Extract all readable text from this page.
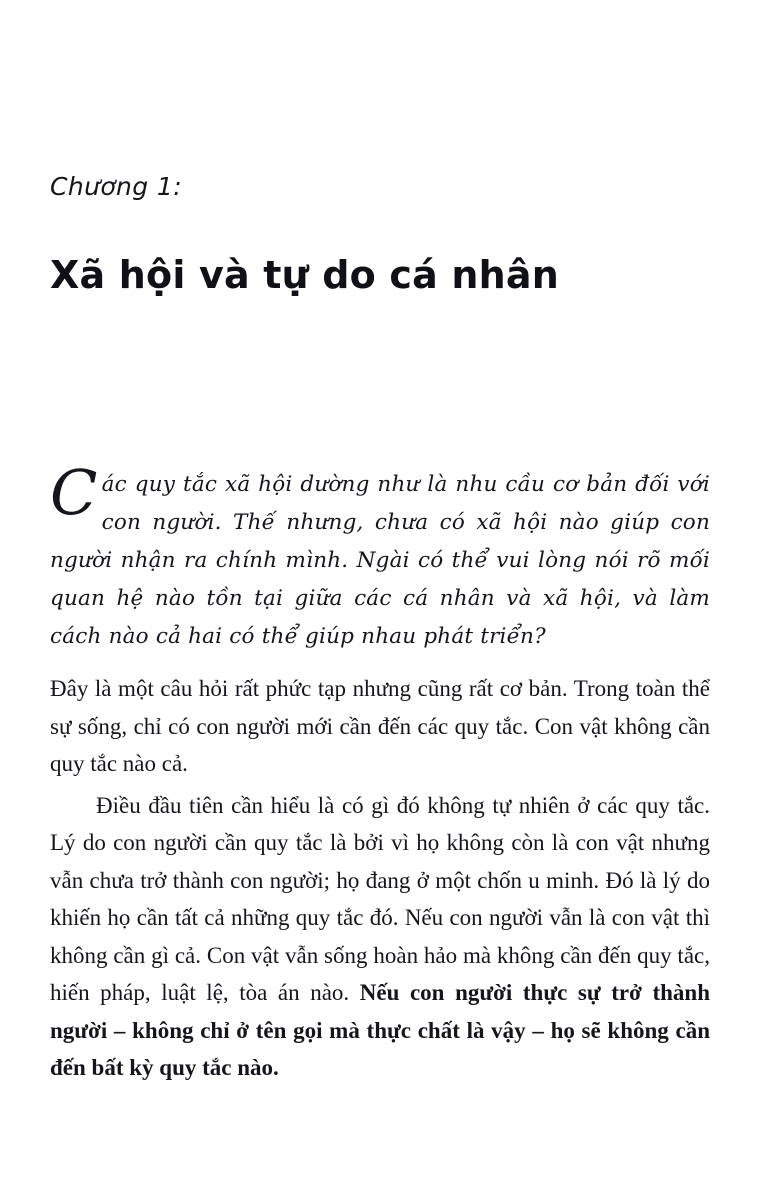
Chương 1:
Xã hội và tự do cá nhân

Các quy tắc xã hội dường như là nhu cầu cơ bản đối với con người. Thế nhưng, chưa có xã hội nào giúp con người nhận ra chính mình. Ngài có thể vui lòng nói rõ mối quan hệ nào tồn tại giữa các cá nhân và xã hội, và làm cách nào cả hai có thể giúp nhau phát triển?

Đây là một câu hỏi rất phức tạp nhưng cũng rất cơ bản. Trong toàn thể sự sống, chỉ có con người mới cần đến các quy tắc. Con vật không cần quy tắc nào cả.

Điều đầu tiên cần hiểu là có gì đó không tự nhiên ở các quy tắc. Lý do con người cần quy tắc là bởi vì họ không còn là con vật nhưng vẫn chưa trở thành con người; họ đang ở một chốn u minh. Đó là lý do khiến họ cần tất cả những quy tắc đó. Nếu con người vẫn là con vật thì không cần gì cả. Con vật vẫn sống hoàn hảo mà không cần đến quy tắc, hiến pháp, luật lệ, tòa án nào. Nếu con người thực sự trở thành người – không chỉ ở tên gọi mà thực chất là vậy – họ sẽ không cần đến bất kỳ quy tắc nào.
